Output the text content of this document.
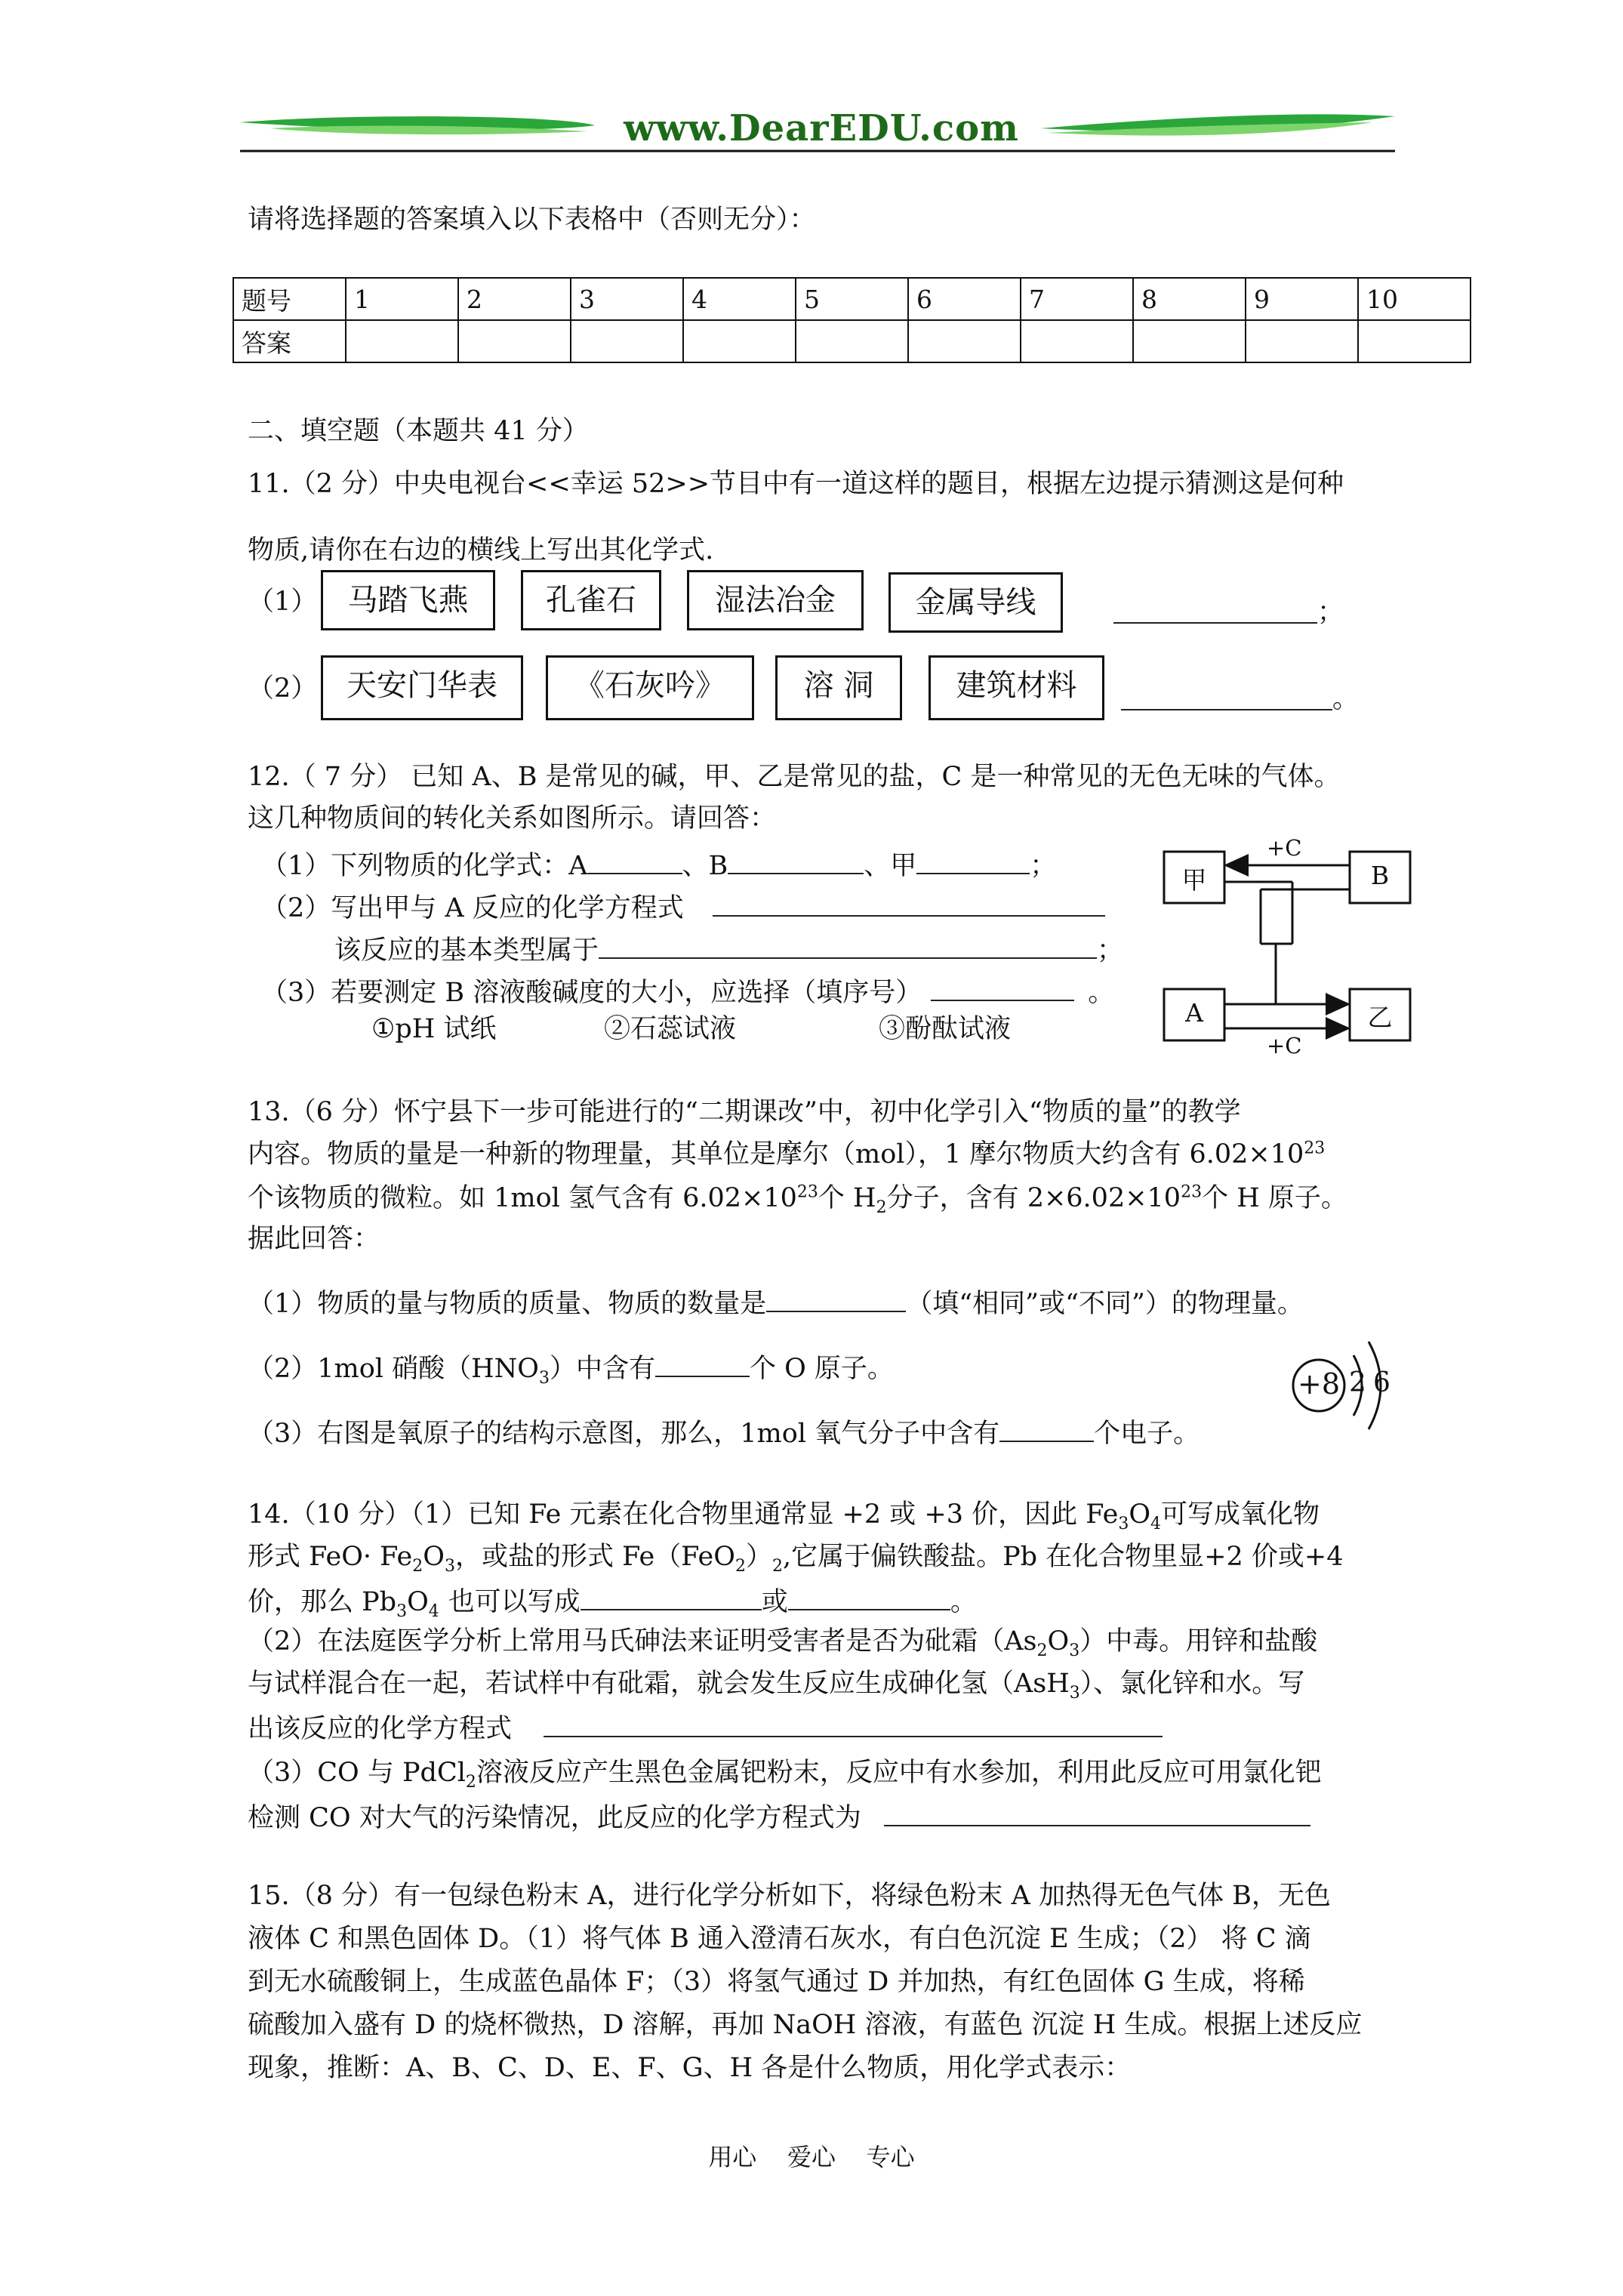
www.DearEDU.com
请将选择题的答案填入以下表格中（否则无分）：
题号	1	2	3	4	5	6	7	8	9	10
答案										
二、填空题（本题共 41 分）
11.（2 分）中央电视台<<幸运 52>>节目中有一道这样的题目，根据左边提示猜测这是何种
物质,请你在右边的横线上写出其化学式.
（1）	马踏飞燕	孔雀石	湿法冶金	金属导线	；
（2） 天安门华表	《石灰吟》	溶 洞	建筑材料	。
12.（ 7 分） 已知 A、B 是常见的碱，甲、乙是常见的盐，C 是一种常见的无色无味的气体。
这几种物质间的转化关系如图所示。请回答：
（1）下列物质的化学式：A	、B	、甲	；
（2）写出甲与 A 反应的化学方程式
该反应的基本类型属于	；
（3）若要测定 B 溶液酸碱度的大小，应选择（填序号）	。
①pH 试纸	②石蕊试液	③酚酞试液
甲	B
A	乙
+C
+C
13.（6 分）怀宁县下一步可能进行的“二期课改”中，初中化学引入“物质的量”的教学
内容。物质的量是一种新的物理量，其单位是摩尔（mol），1 摩尔物质大约含有 $6.02\times 10^{23}$
个该物质的微粒。如 1mol 氢气含有 $6.02\times 10^{23}$个 $H_2$分子，含有 $2\times 6.02\times 10^{23}$个 H 原子。
据此回答：
（1）物质的量与物质的质量、物质的数量是	（填“相同”或“不同”）的物理量。
（2）1mol 硝酸$(HNO_3)$中含有	个 O 原子。
（3）右图是氧原子的结构示意图，那么，1mol 氧气分子中含有	个电子。
+8 2 6
14.（10 分）（1）已知 Fe 元素在化合物里通常显 +2 或 +3 价，因此 $Fe_3O_4$可写成氧化物
形式 $FeO\cdot Fe_2O_3$，或盐的形式 $Fe(FeO_2)_2$,它属于偏铁酸盐。Pb 在化合物里显+2 价或+4
价，那么 $Pb_3O_4$ 也可以写成	或	。
（2）在法庭医学分析上常用马氏砷法来证明受害者是否为砒霜$(As_2O_3)$中毒。用锌和盐酸
与试样混合在一起，若试样中有砒霜，就会发生反应生成砷化氢（AsH$_3$）、氯化锌和水。写
出该反应的化学方程式
（3）CO 与 PdCl$_2$溶液反应产生黑色金属钯粉末，反应中有水参加，利用此反应可用氯化钯
检测 CO 对大气的污染情况，此反应的化学方程式为
15.（8 分）有一包绿色粉末 A，进行化学分析如下，将绿色粉末 A 加热得无色气体 B，无色
液体 C 和黑色固体 D。（1）将气体 B 通入澄清石灰水，有白色沉淀 E 生成；（2） 将 C 滴
到无水硫酸铜上，生成蓝色晶体 F；（3）将氢气通过 D 并加热，有红色固体 G 生成，将稀
硫酸加入盛有 D 的烧杯微热，D 溶解，再加 NaOH 溶液，有蓝色 沉淀 H 生成。根据上述反应
现象，推断：A、B、C、D、E、F、G、H 各是什么物质，用化学式表示：
用心    爱心    专心
